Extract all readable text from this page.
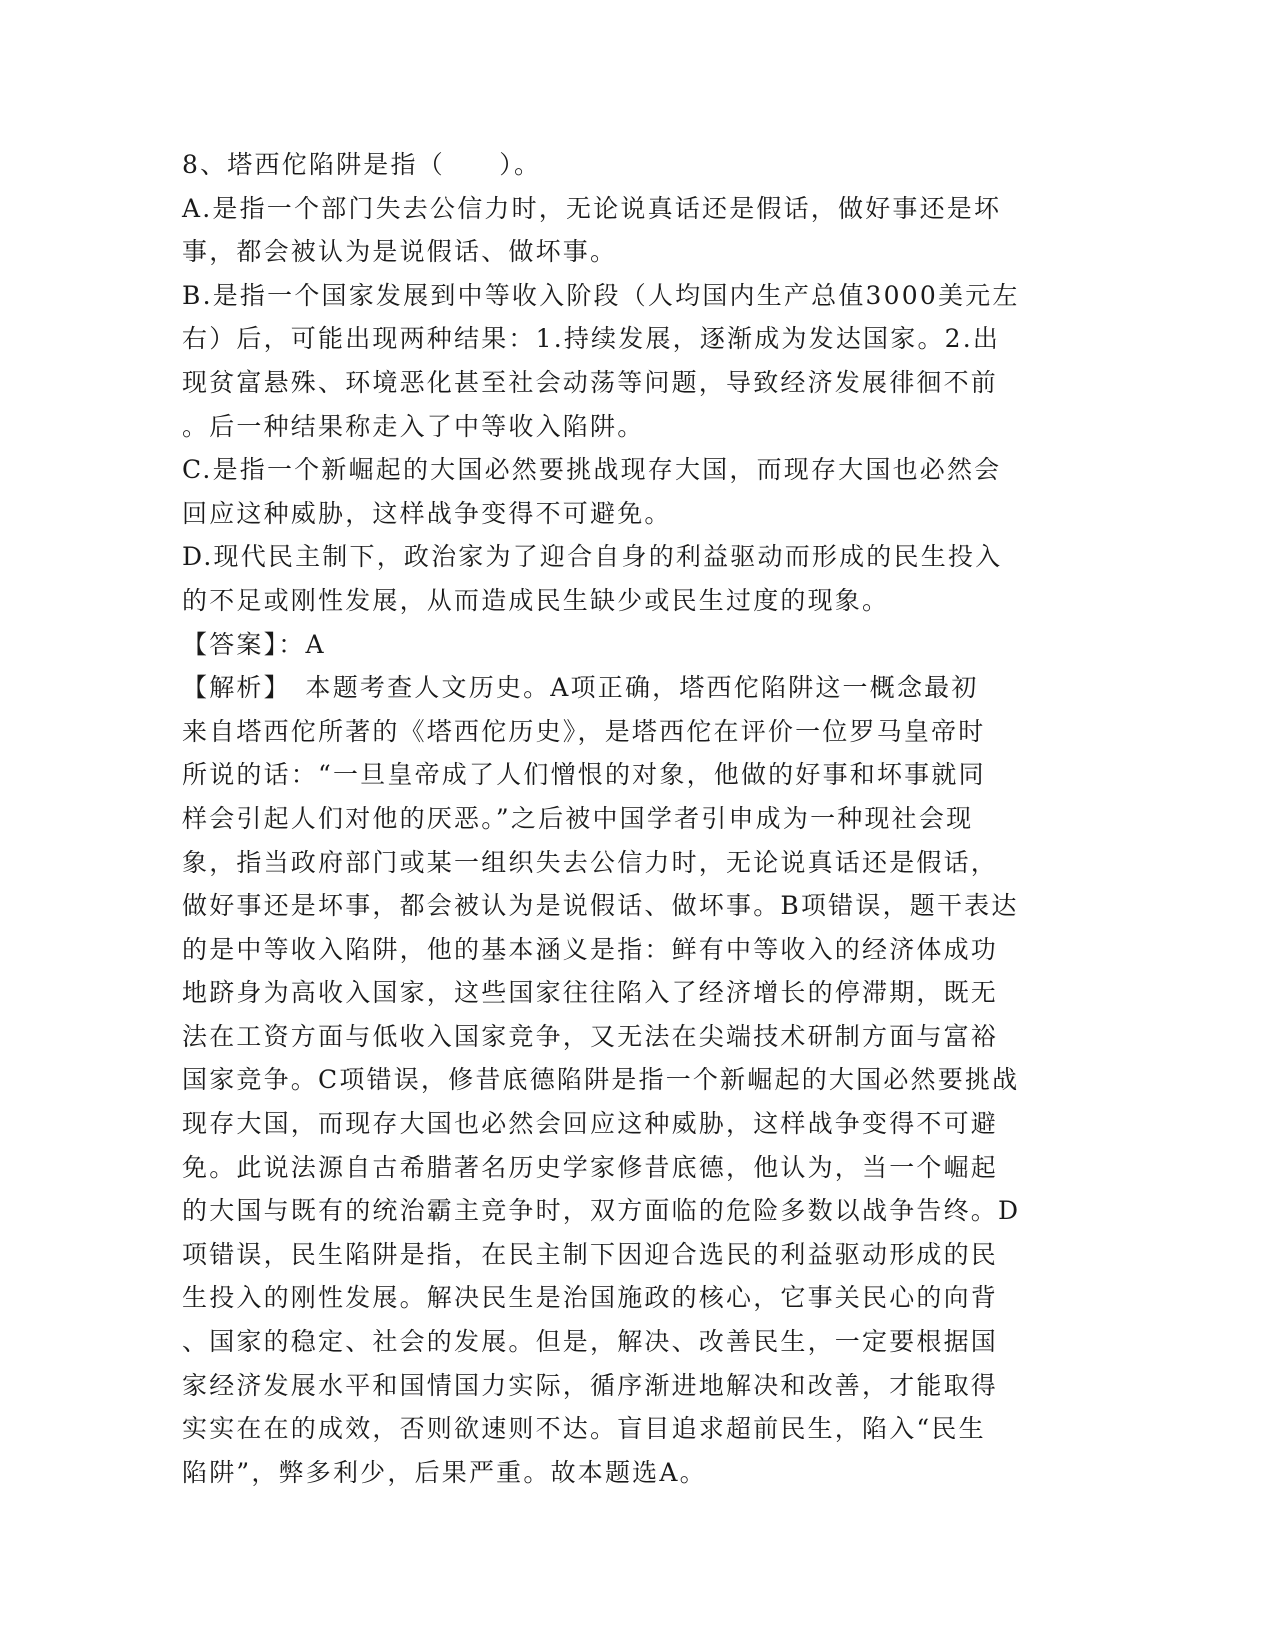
8、塔西佗陷阱是指（　　）。
A.是指一个部门失去公信力时，无论说真话还是假话，做好事还是坏
事，都会被认为是说假话、做坏事。
B.是指一个国家发展到中等收入阶段（人均国内生产总值3000美元左
右）后，可能出现两种结果：1.持续发展，逐渐成为发达国家。2.出
现贫富悬殊、环境恶化甚至社会动荡等问题，导致经济发展徘徊不前
。后一种结果称走入了中等收入陷阱。
C.是指一个新崛起的大国必然要挑战现存大国，而现存大国也必然会
回应这种威胁，这样战争变得不可避免。
D.现代民主制下，政治家为了迎合自身的利益驱动而形成的民生投入
的不足或刚性发展，从而造成民生缺少或民生过度的现象。
【答案】：A
【解析】　本题考查人文历史。A项正确，塔西佗陷阱这一概念最初
来自塔西佗所著的《塔西佗历史》，是塔西佗在评价一位罗马皇帝时
所说的话：“一旦皇帝成了人们憎恨的对象，他做的好事和坏事就同
样会引起人们对他的厌恶。”之后被中国学者引申成为一种现社会现
象，指当政府部门或某一组织失去公信力时，无论说真话还是假话，
做好事还是坏事，都会被认为是说假话、做坏事。B项错误，题干表达
的是中等收入陷阱，他的基本涵义是指：鲜有中等收入的经济体成功
地跻身为高收入国家，这些国家往往陷入了经济增长的停滞期，既无
法在工资方面与低收入国家竞争，又无法在尖端技术研制方面与富裕
国家竞争。C项错误，修昔底德陷阱是指一个新崛起的大国必然要挑战
现存大国，而现存大国也必然会回应这种威胁，这样战争变得不可避
免。此说法源自古希腊著名历史学家修昔底德，他认为，当一个崛起
的大国与既有的统治霸主竞争时，双方面临的危险多数以战争告终。D
项错误，民生陷阱是指，在民主制下因迎合选民的利益驱动形成的民
生投入的刚性发展。解决民生是治国施政的核心，它事关民心的向背
、国家的稳定、社会的发展。但是，解决、改善民生，一定要根据国
家经济发展水平和国情国力实际，循序渐进地解决和改善，才能取得
实实在在的成效，否则欲速则不达。盲目追求超前民生，陷入“民生
陷阱”，弊多利少，后果严重。故本题选A。
